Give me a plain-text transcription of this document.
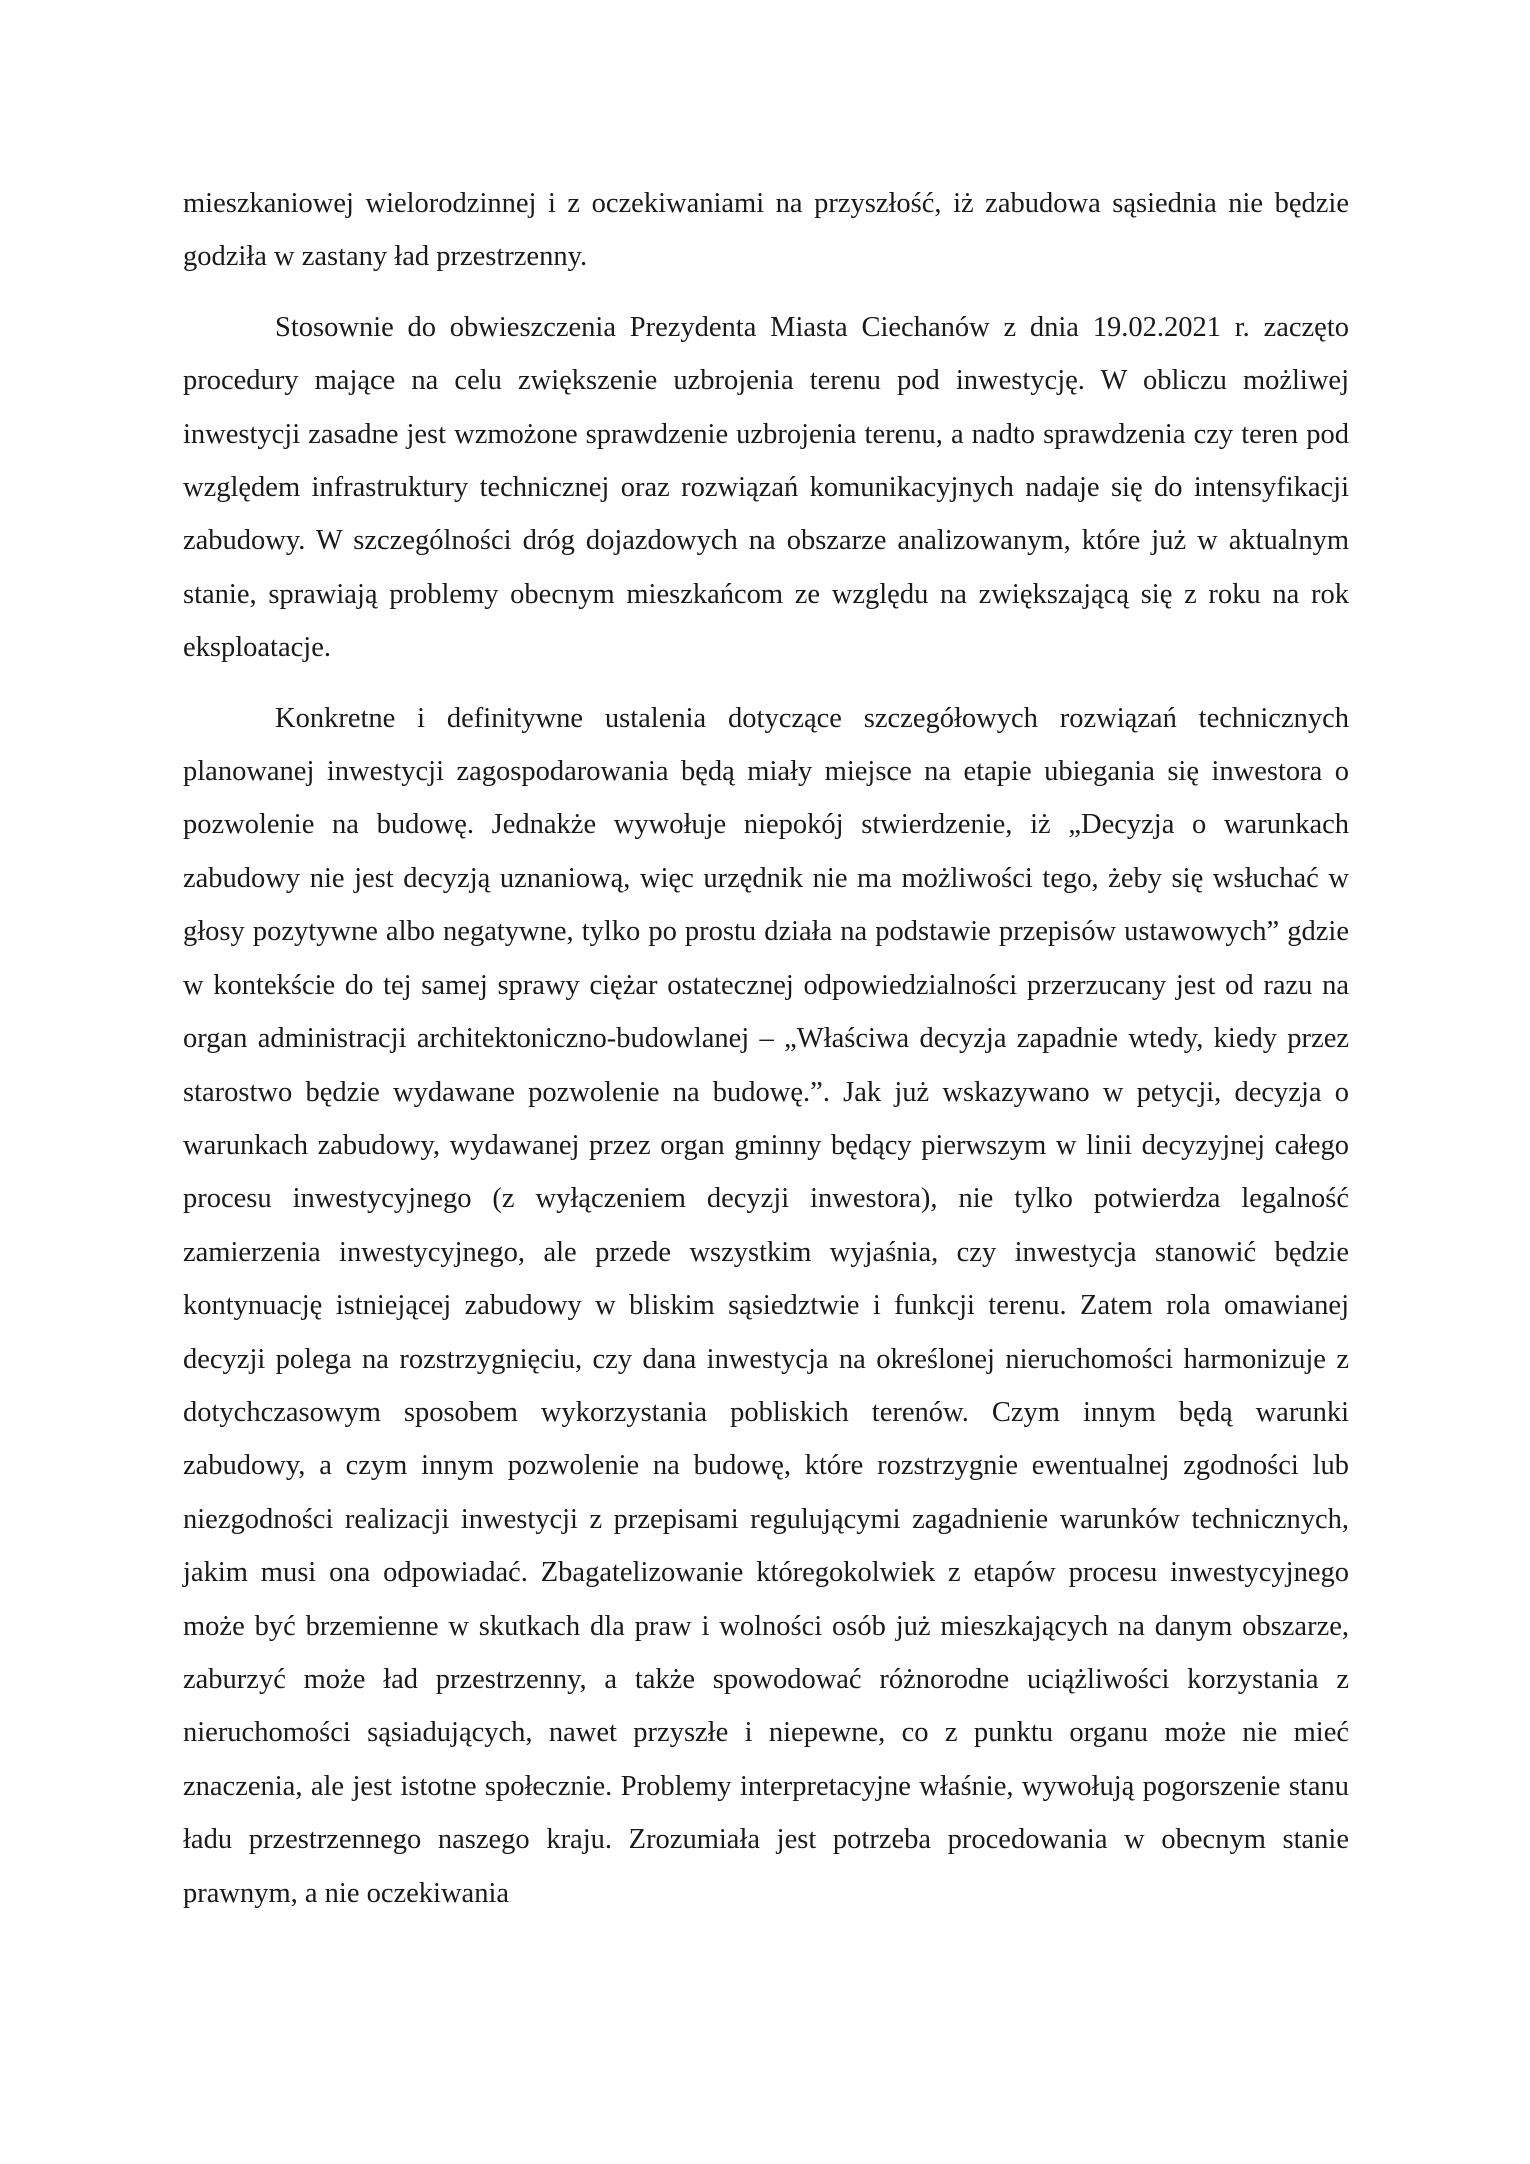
mieszkaniowej wielorodzinnej i z oczekiwaniami na przyszłość, iż zabudowa sąsiednia nie będzie godziła w zastany ład przestrzenny.

Stosownie do obwieszczenia Prezydenta Miasta Ciechanów z dnia 19.02.2021 r. zaczęto procedury mające na celu zwiększenie uzbrojenia terenu pod inwestycję. W obliczu możliwej inwestycji zasadne jest wzmożone sprawdzenie uzbrojenia terenu, a nadto sprawdzenia czy teren pod względem infrastruktury technicznej oraz rozwiązań komunikacyjnych nadaje się do intensyfikacji zabudowy. W szczególności dróg dojazdowych na obszarze analizowanym, które już w aktualnym stanie, sprawiają problemy obecnym mieszkańcom ze względu na zwiększającą się z roku na rok eksploatacje.

Konkretne i definitywne ustalenia dotyczące szczegółowych rozwiązań technicznych planowanej inwestycji zagospodarowania będą miały miejsce na etapie ubiegania się inwestora o pozwolenie na budowę. Jednakże wywołuje niepokój stwierdzenie, iż „Decyzja o warunkach zabudowy nie jest decyzją uznaniową, więc urzędnik nie ma możliwości tego, żeby się wsłuchać w głosy pozytywne albo negatywne, tylko po prostu działa na podstawie przepisów ustawowych” gdzie w kontekście do tej samej sprawy ciężar ostatecznej odpowiedzialności przerzucany jest od razu na organ administracji architektoniczno-budowlanej – „Właściwa decyzja zapadnie wtedy, kiedy przez starostwo będzie wydawane pozwolenie na budowę.”. Jak już wskazywano w petycji, decyzja o warunkach zabudowy, wydawanej przez organ gminny będący pierwszym w linii decyzyjnej całego procesu inwestycyjnego (z wyłączeniem decyzji inwestora), nie tylko potwierdza legalność zamierzenia inwestycyjnego, ale przede wszystkim wyjaśnia, czy inwestycja stanowić będzie kontynuację istniejącej zabudowy w bliskim sąsiedztwie i funkcji terenu. Zatem rola omawianej decyzji polega na rozstrzygnięciu, czy dana inwestycja na określonej nieruchomości harmonizuje z dotychczasowym sposobem wykorzystania pobliskich terenów. Czym innym będą warunki zabudowy, a czym innym pozwolenie na budowę, które rozstrzygnie ewentualnej zgodności lub niezgodności realizacji inwestycji z przepisami regulującymi zagadnienie warunków technicznych, jakim musi ona odpowiadać. Zbagatelizowanie któregokolwiek z etapów procesu inwestycyjnego może być brzemienne w skutkach dla praw i wolności osób już mieszkających na danym obszarze, zaburzyć może ład przestrzenny, a także spowodować różnorodne uciążliwości korzystania z nieruchomości sąsiadujących, nawet przyszłe i niepewne, co z punktu organu może nie mieć znaczenia, ale jest istotne społecznie. Problemy interpretacyjne właśnie, wywołują pogorszenie stanu ładu przestrzennego naszego kraju. Zrozumiała jest potrzeba procedowania w obecnym stanie prawnym, a nie oczekiwania
